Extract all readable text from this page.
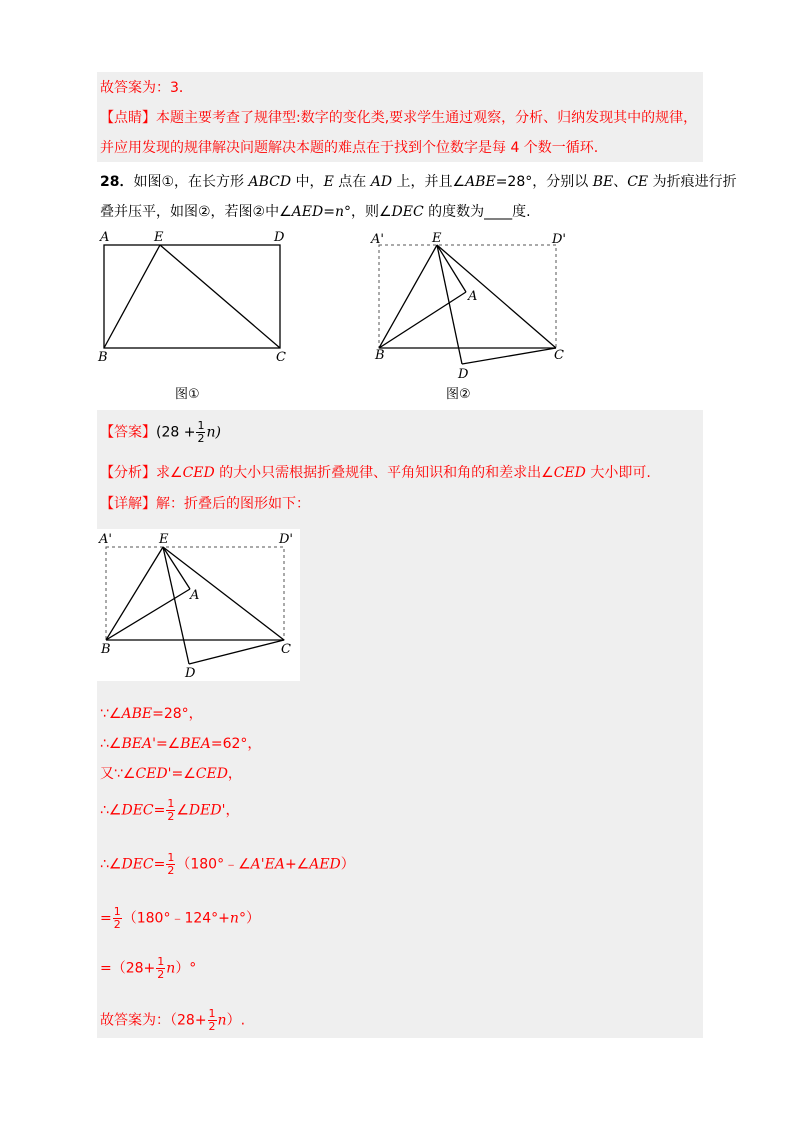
故答案为：3．
【点睛】本题主要考查了规律型:数字的变化类,要求学生通过观察，分析、归纳发现其中的规律，
并应用发现的规律解决问题解决本题的难点在于找到个位数字是每 4 个数一循环.
28．如图①，在长方形 ABCD 中，E 点在 AD 上，并且∠ABE=28°，分别以 BE、CE 为折痕进行折
叠并压平，如图②，若图②中∠AED=n°，则∠DEC 的度数为____度.
A	E	D
B	C
图①
A'	E	D'
A
B	C
D
图②
【答案】$(28 + \frac{1}{2} n)$
【分析】求∠CED 的大小只需根据折叠规律、平角知识和角的和差求出∠CED 大小即可.
【详解】解：折叠后的图形如下：
A'	E	D'
A
B	C
D
∵∠ABE=28°，
∴∠BEA'=∠BEA=62°，
又∵∠CED'=∠CED，
∴∠DEC= $\frac{1}{2}$ ∠DED'，
∴∠DEC= $\frac{1}{2}$ （180°﹣∠A'EA+∠AED）
= $\frac{1}{2}$ （180°﹣124°+n°）
$=(28+ \frac{1}{2} n)^\circ$
故答案为：$(28+ \frac{1}{2} n)$.
